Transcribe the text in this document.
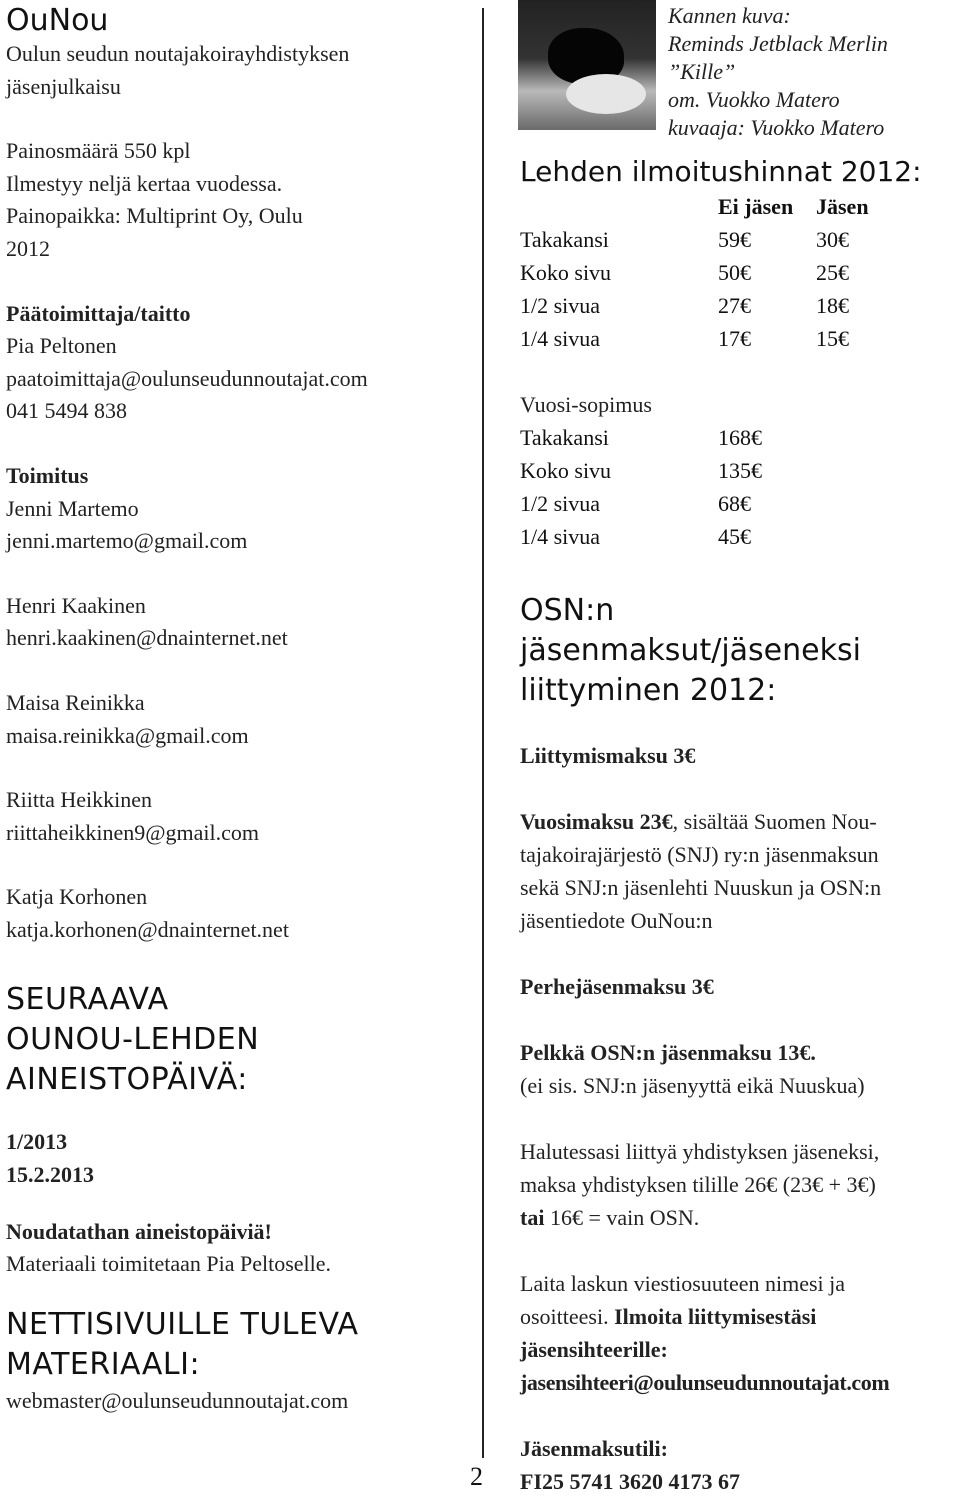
OuNou
Oulun seudun noutajakoirayhdistyksen
jäsenjulkaisu
Painosmäärä 550 kpl
Ilmestyy neljä kertaa vuodessa.
Painopaikka: Multiprint Oy, Oulu
2012
Päätoimittaja/taitto
Pia Peltonen
paatoimittaja@oulunseudunnoutajat.com
041 5494 838
Toimitus
Jenni Martemo
jenni.martemo@gmail.com
Henri Kaakinen
henri.kaakinen@dnainternet.net
Maisa Reinikka
maisa.reinikka@gmail.com
Riitta Heikkinen
riittaheikkinen9@gmail.com
Katja Korhonen
katja.korhonen@dnainternet.net
SEURAAVA
OUNOU-LEHDEN
AINEISTOPÄIVÄ:
1/2013
15.2.2013
Noudatathan aineistopäiviä!
Materiaali toimitetaan Pia Peltoselle.
NETTISIVUILLE TULEVA
MATERIAALI:
webmaster@oulunseudunnoutajat.com
2
Kannen kuva:
Reminds Jetblack Merlin ”Kille”
om. Vuokko Matero
kuvaaja: Vuokko Matero
Lehden ilmoitushinnat 2012:
	Ei jäsen	Jäsen
Takakansi	59€	30€
Koko sivu	50€	25€
1/2 sivua	27€	18€
1/4 sivua	17€	15€
Vuosi-sopimus
Takakansi	168€
Koko sivu	135€
1/2 sivua	68€
1/4 sivua	45€
OSN:n jäsenmaksut/jäseneksi
liittyminen 2012:
Liittymismaksu 3€
Vuosimaksu 23€, sisältää Suomen Nou-
tajakoirajärjestö (SNJ) ry:n jäsenmaksun
sekä SNJ:n jäsenlehti Nuuskun ja OSN:n
jäsentiedote OuNou:n
Perhejäsenmaksu 3€
Pelkkä OSN:n jäsenmaksu 13€.
(ei sis. SNJ:n jäsenyyttä eikä Nuuskua)
Halutessasi liittyä yhdistyksen jäseneksi,
maksa yhdistyksen tilille 26€ (23€ + 3€)
tai 16€ = vain OSN.
Laita laskun viestiosuuteen nimesi ja
osoitteesi. Ilmoita liittymisestäsi
jäsensihteerille:
jasensihteeri@oulunseudunnoutajat.com
Jäsenmaksutili:
FI25 5741 3620 4173 67
